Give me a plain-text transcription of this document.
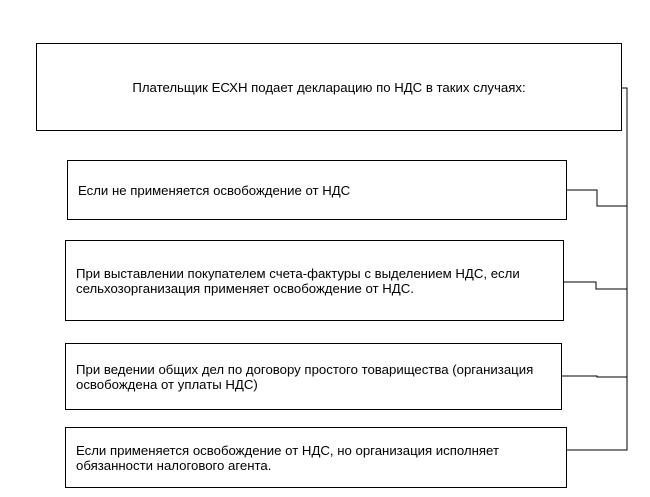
Плательщик ЕСХН подает декларацию по НДС в таких случаях:
Если не применяется освобождение от НДС
При выставлении покупателем счета-фактуры с выделением НДС, если сельхозорганизация применяет освобождение от НДС.
При ведении общих дел по договору простого товарищества (организация освобождена от уплаты НДС)
Если применяется освобождение от НДС, но организация исполняет обязанности налогового агента.
